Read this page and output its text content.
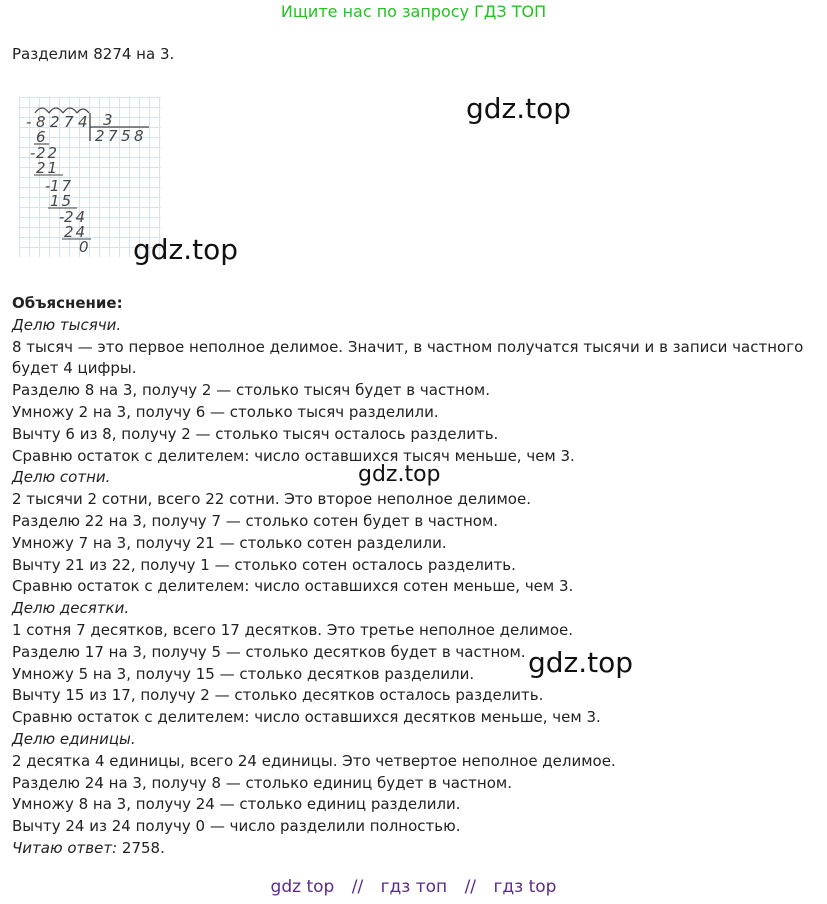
Ищите нас по запросу ГДЗ ТОП
Разделим 8274 на 3.
-
-
-
-
8 2 7 4 3
2 7 5 8
6
22
21
17
15
24
24
0
gdz.top
gdz.top
gdz.top
gdz.top
Объяснение:
Делю тысячи.
8 тысяч — это первое неполное делимое. Значит, в частном получатся тысячи и в записи частного будет 4 цифры.
Разделю 8 на 3, получу 2 — столько тысяч будет в частном.
Умножу 2 на 3, получу 6 — столько тысяч разделили.
Вычту 6 из 8, получу 2 — столько тысяч осталось разделить.
Сравню остаток с делителем: число оставшихся тысяч меньше, чем 3.
Делю сотни.
2 тысячи 2 сотни, всего 22 сотни. Это второе неполное делимое.
Разделю 22 на 3, получу 7 — столько сотен будет в частном.
Умножу 7 на 3, получу 21 — столько сотен разделили.
Вычту 21 из 22, получу 1 — столько сотен осталось разделить.
Сравню остаток с делителем: число оставшихся сотен меньше, чем 3.
Делю десятки.
1 сотня 7 десятков, всего 17 десятков. Это третье неполное делимое.
Разделю 17 на 3, получу 5 — столько десятков будет в частном.
Умножу 5 на 3, получу 15 — столько десятков разделили.
Вычту 15 из 17, получу 2 — столько десятков осталось разделить.
Сравню остаток с делителем: число оставшихся десятков меньше, чем 3.
Делю единицы.
2 десятка 4 единицы, всего 24 единицы. Это четвертое неполное делимое.
Разделю 24 на 3, получу 8 — столько единиц будет в частном.
Умножу 8 на 3, получу 24 — столько единиц разделили.
Вычту 24 из 24 получу 0 — число разделили полностью.
Читаю ответ: 2758.
gdz top // гдз топ // гдз top
